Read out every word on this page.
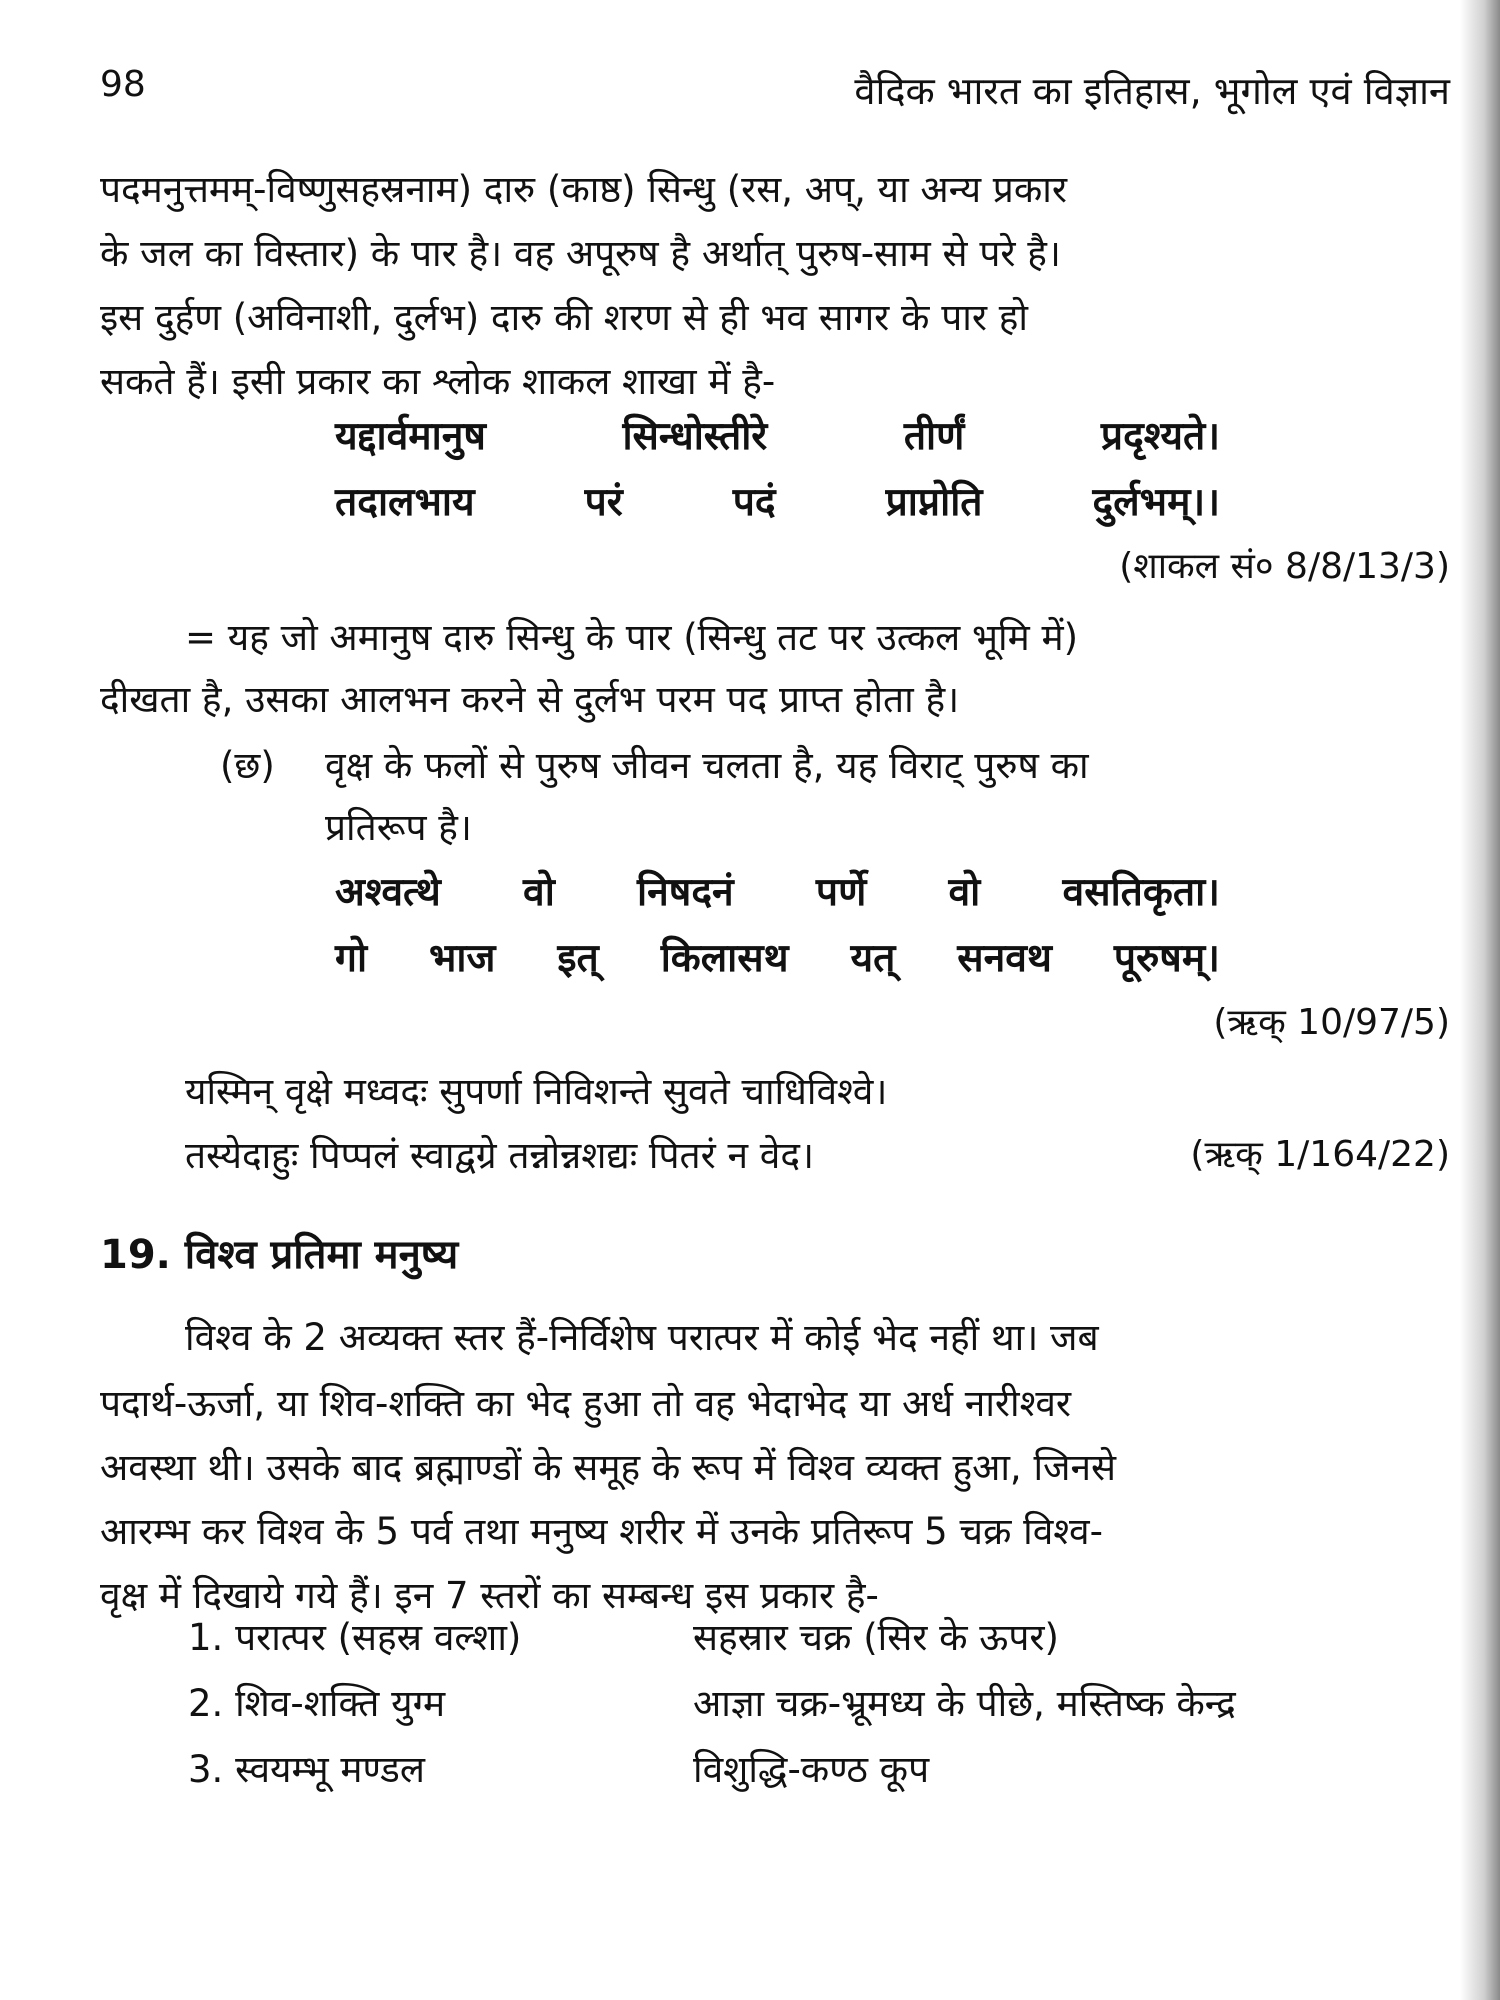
98	वैदिक भारत का इतिहास, भूगोल एवं विज्ञान
पदमनुत्तमम्-विष्णुसहस्रनाम) दारु (काष्ठ) सिन्धु (रस, अप्, या अन्य प्रकार
के जल का विस्तार) के पार है। वह अपूरुष है अर्थात् पुरुष-साम से परे है।
इस दुर्हण (अविनाशी, दुर्लभ) दारु की शरण से ही भव सागर के पार हो
सकते हैं। इसी प्रकार का श्लोक शाकल शाखा में है-
यद्दार्वमानुष	सिन्धोस्तीरे	तीर्णं	प्रदृश्यते।
तदालभाय	परं	पदं	प्राप्नोति	दुर्लभम्।।
(शाकल सं० 8/8/13/3)
= यह जो अमानुष दारु सिन्धु के पार (सिन्धु तट पर उत्कल भूमि में)
दीखता है, उसका आलभन करने से दुर्लभ परम पद प्राप्त होता है।
(छ) वृक्ष के फलों से पुरुष जीवन चलता है, यह विराट् पुरुष का
प्रतिरूप है।
अश्वत्थे वो निषदनं पर्णे वो वसतिकृता।
गो भाज इत् किलासथ यत् सनवथ पूरुषम्।
(ऋक् 10/97/5)
यस्मिन् वृक्षे मध्वदः सुपर्णा निविशन्ते सुवते चाधिविश्वे।
तस्येदाहुः पिप्पलं स्वाद्वग्रे तन्नोन्नशद्यः पितरं न वेद।	(ऋक् 1/164/22)
19. विश्व प्रतिमा मनुष्य
विश्व के 2 अव्यक्त स्तर हैं-निर्विशेष परात्पर में कोई भेद नहीं था। जब
पदार्थ-ऊर्जा, या शिव-शक्ति का भेद हुआ तो वह भेदाभेद या अर्ध नारीश्वर
अवस्था थी। उसके बाद ब्रह्माण्डों के समूह के रूप में विश्व व्यक्त हुआ, जिनसे
आरम्भ कर विश्व के 5 पर्व तथा मनुष्य शरीर में उनके प्रतिरूप 5 चक्र विश्व-
वृक्ष में दिखाये गये हैं। इन 7 स्तरों का सम्बन्ध इस प्रकार है-
1. परात्पर (सहस्र वल्शा)	सहस्रार चक्र (सिर के ऊपर)
2. शिव-शक्ति युग्म	आज्ञा चक्र-भ्रूमध्य के पीछे, मस्तिष्क केन्द्र
3. स्वयम्भू मण्डल	विशुद्धि-कण्ठ कूप
